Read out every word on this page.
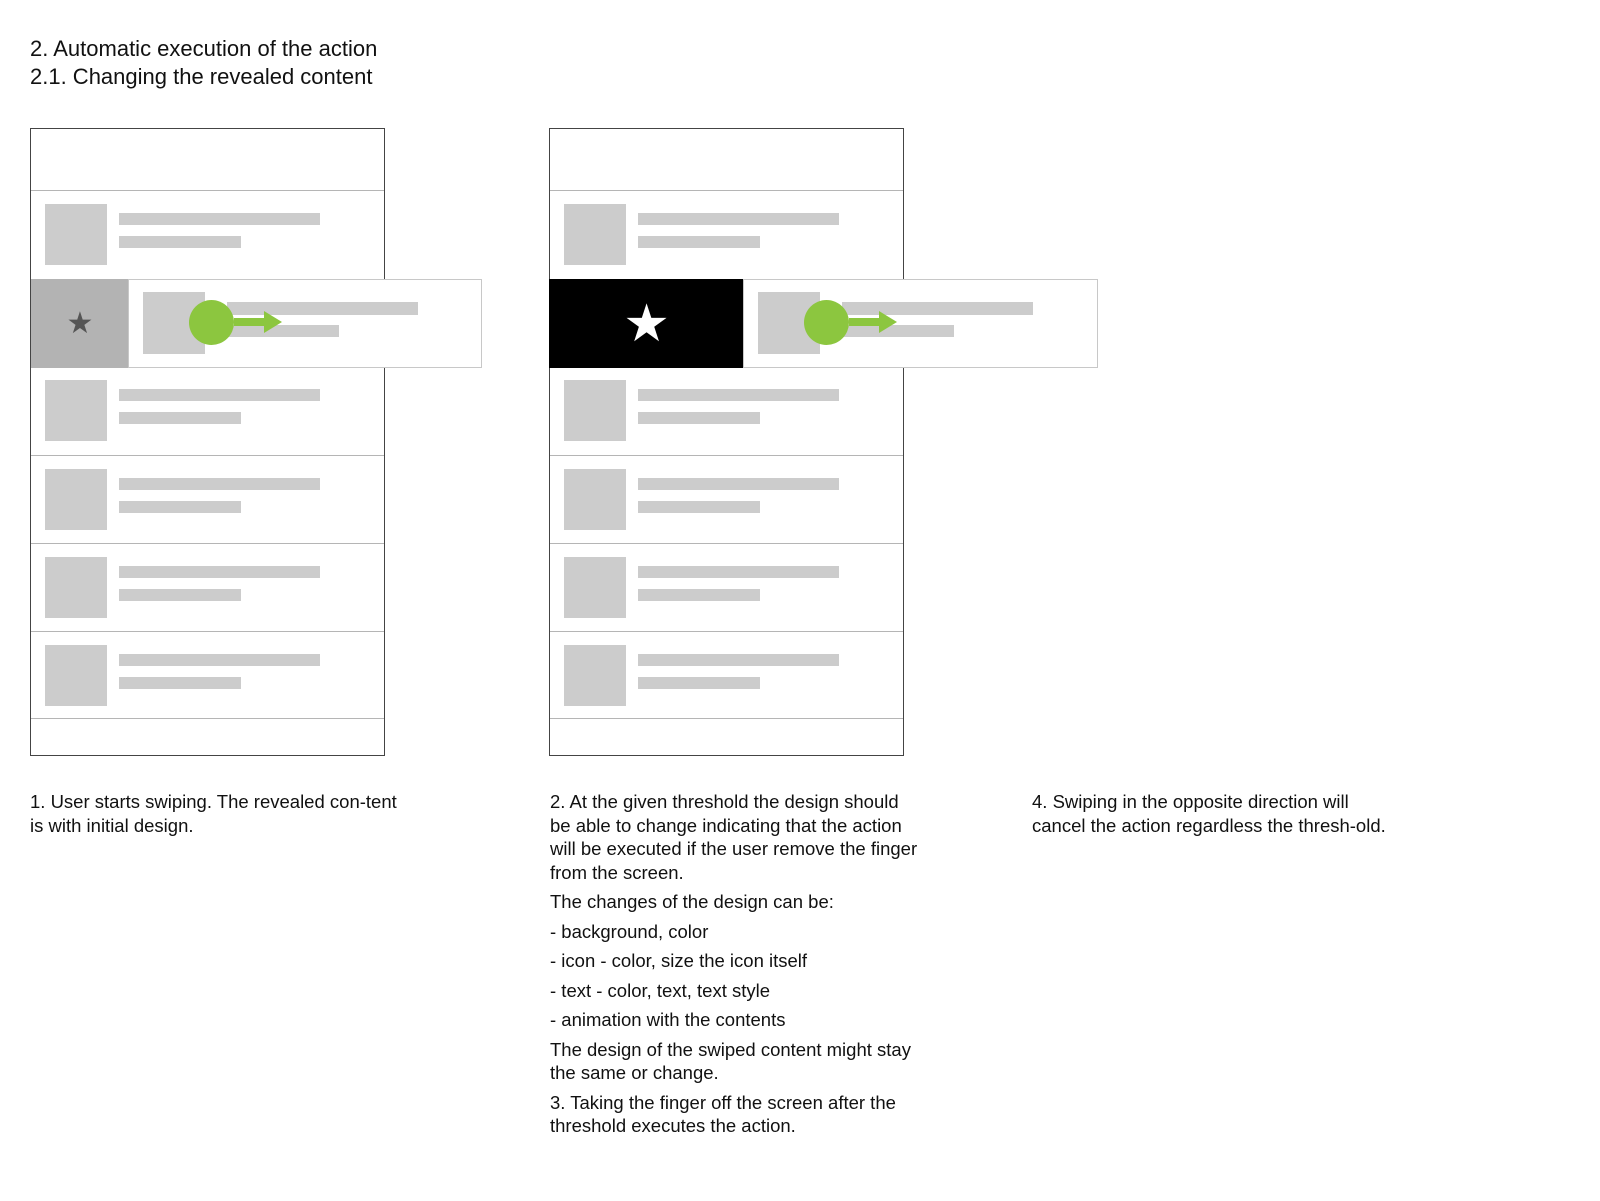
2. Automatic execution of the action
2.1. Changing the revealed content
★	★

1. User starts swiping. The revealed con-tent is with initial design.

2. At the given threshold the design should be able to change indicating that the action will be executed if the user remove the finger from the screen.

The changes of the design can be:

- background, color

- icon - color, size the icon itself

- text - color, text, text style

- animation with the contents

The design of the swiped content might stay the same or change.

3. Taking the finger off the screen after the threshold executes the action.

4. Swiping in the opposite direction will cancel the action regardless the thresh-old.
